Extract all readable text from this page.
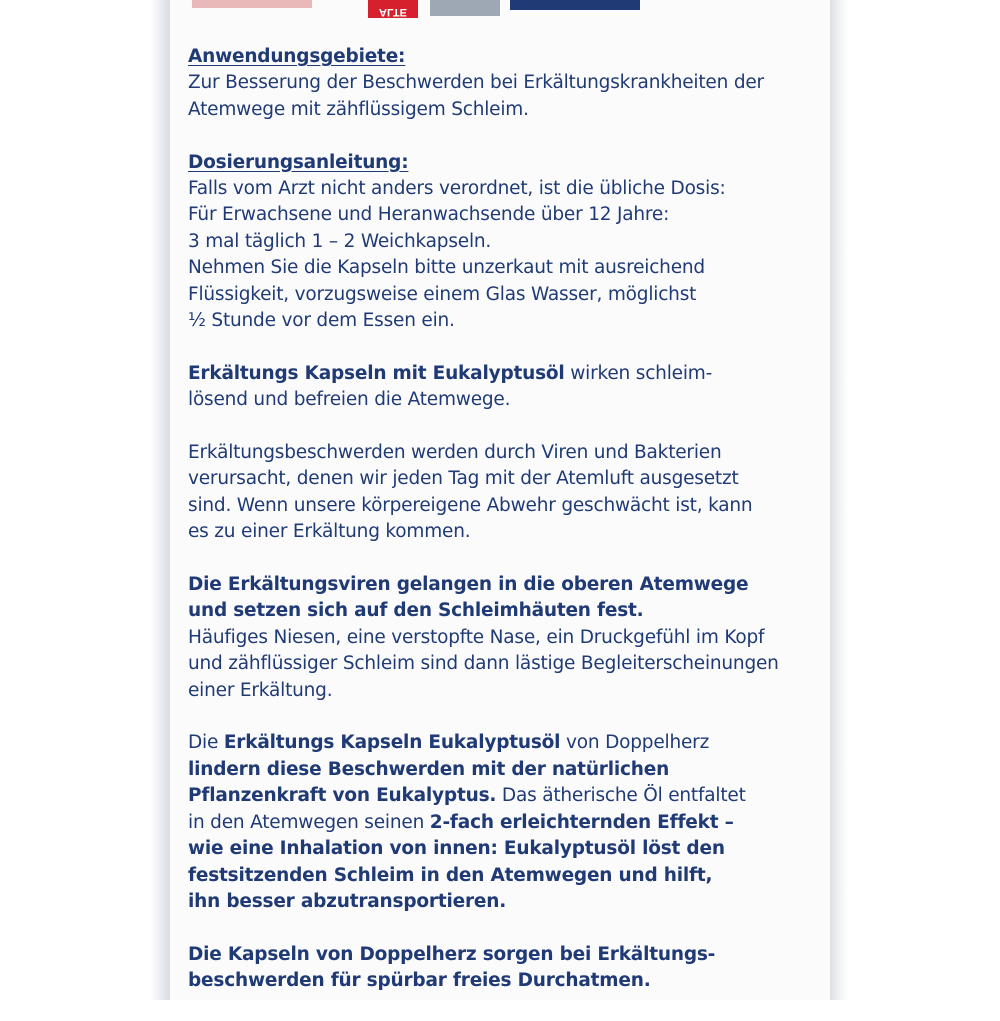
ALTE
Anwendungsgebiete:
Zur Besserung der Beschwerden bei Erkältungskrankheiten der
Atemwege mit zähflüssigem Schleim.
Dosierungsanleitung:
Falls vom Arzt nicht anders verordnet, ist die übliche Dosis:
Für Erwachsene und Heranwachsende über 12 Jahre:
3 mal täglich 1 – 2 Weichkapseln.
Nehmen Sie die Kapseln bitte unzerkaut mit ausreichend
Flüssigkeit, vorzugsweise einem Glas Wasser, möglichst
½ Stunde vor dem Essen ein.
Erkältungs Kapseln mit Eukalyptusöl wirken schleim-
lösend und befreien die Atemwege.
Erkältungsbeschwerden werden durch Viren und Bakterien
verursacht, denen wir jeden Tag mit der Atemluft ausgesetzt
sind. Wenn unsere körpereigene Abwehr geschwächt ist, kann
es zu einer Erkältung kommen.
Die Erkältungsviren gelangen in die oberen Atemwege
und setzen sich auf den Schleimhäuten fest.
Häufiges Niesen, eine verstopfte Nase, ein Druckgefühl im Kopf
und zähflüssiger Schleim sind dann lästige Begleiterscheinungen
einer Erkältung.
Die Erkältungs Kapseln Eukalyptusöl von Doppelherz
lindern diese Beschwerden mit der natürlichen
Pflanzenkraft von Eukalyptus. Das ätherische Öl entfaltet
in den Atemwegen seinen 2-fach erleichternden Effekt –
wie eine Inhalation von innen: Eukalyptusöl löst den
festsitzenden Schleim in den Atemwegen und hilft,
ihn besser abzutransportieren.
Die Kapseln von Doppelherz sorgen bei Erkältungs-
beschwerden für spürbar freies Durchatmen.
